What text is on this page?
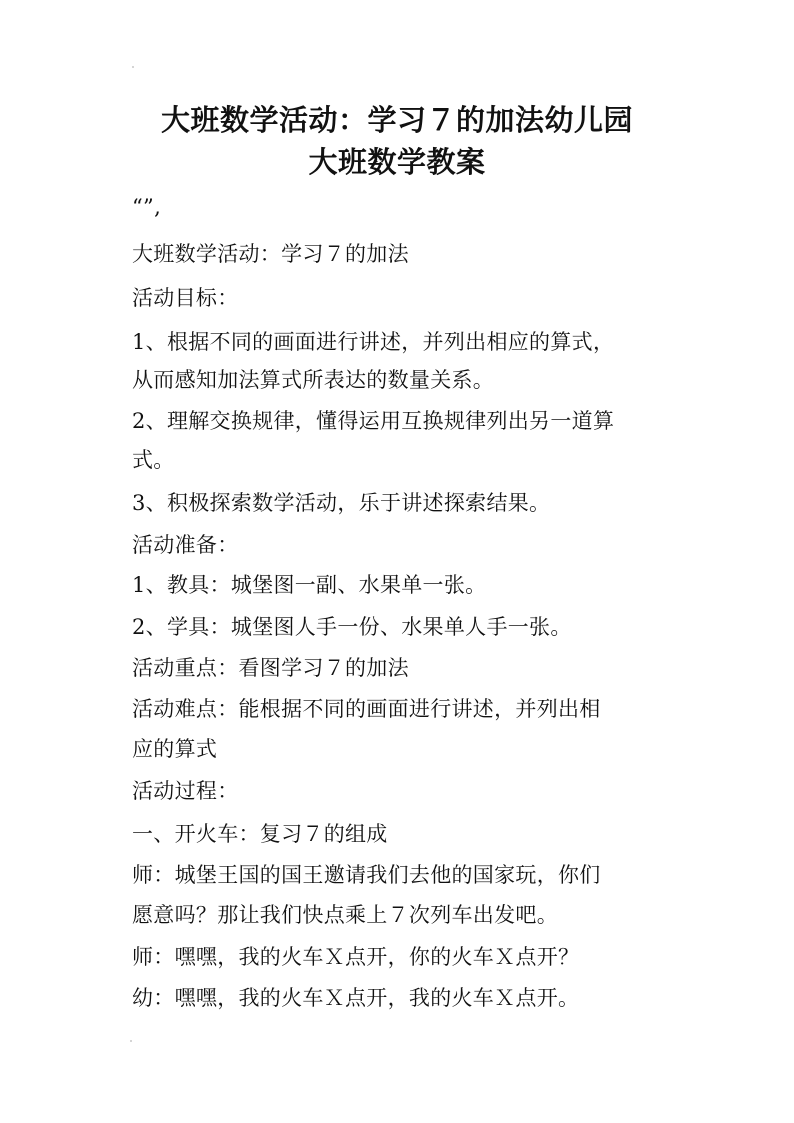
大班数学活动：学习７的加法幼儿园
大班数学教案
“”,
大班数学活动：学习７的加法
活动目标：
1、根据不同的画面进行讲述，并列出相应的算式，
从而感知加法算式所表达的数量关系。
2、理解交换规律，懂得运用互换规律列出另一道算
式。
3、积极探索数学活动，乐于讲述探索结果。
活动准备：
1、教具：城堡图一副、水果单一张。
2、学具：城堡图人手一份、水果单人手一张。
活动重点：看图学习７的加法
活动难点：能根据不同的画面进行讲述，并列出相
应的算式
活动过程：
一、开火车：复习７的组成
师：城堡王国的国王邀请我们去他的国家玩，你们
愿意吗？那让我们快点乘上７次列车出发吧。
师：嘿嘿，我的火车Ｘ点开，你的火车Ｘ点开？
幼：嘿嘿，我的火车Ｘ点开，我的火车Ｘ点开。
